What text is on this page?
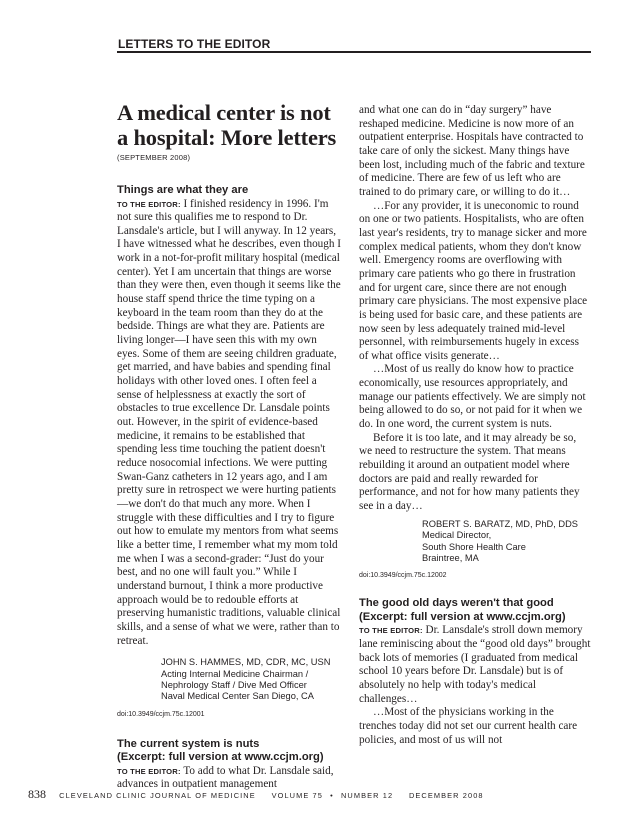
LETTERS TO THE EDITOR
A medical center is not
a hospital: More letters
(SEPTEMBER 2008)
Things are what they are

TO THE EDITOR: I finished residency in 1996. I'm not sure this qualifies me to respond to Dr. Lansdale's article, but I will anyway. In 12 years, I have witnessed what he describes, even though I work in a not-for-profit military hospital (medical center). Yet I am uncertain that things are worse than they were then, even though it seems like the house staff spend thrice the time typing on a keyboard in the team room than they do at the bedside. Things are what they are. Patients are living longer—I have seen this with my own eyes. Some of them are seeing children graduate, get married, and have babies and spending final holidays with other loved ones. I often feel a sense of helplessness at exactly the sort of obstacles to true excellence Dr. Lansdale points out. However, in the spirit of evidence-based medicine, it remains to be established that spending less time touching the patient doesn't reduce nosocomial infections. We were putting Swan-Ganz catheters in 12 years ago, and I am pretty sure in retrospect we were hurting patients—we don't do that much any more. When I struggle with these difficulties and I try to figure out how to emulate my mentors from what seems like a better time, I remember what my mom told me when I was a second-grader: “Just do your best, and no one will fault you.” While I understand burnout, I think a more productive approach would be to redouble efforts at preserving humanistic traditions, valuable clinical skills, and a sense of what we were, rather than to retreat.

JOHN S. HAMMES, MD, CDR, MC, USN
Acting Internal Medicine Chairman /
Nephrology Staff / Dive Med Officer
Naval Medical Center San Diego, CA

doi:10.3949/ccjm.75c.12001

The current system is nuts
(Excerpt: full version at www.ccjm.org)

TO THE EDITOR: To add to what Dr. Lansdale said, advances in outpatient management

and what one can do in “day surgery” have reshaped medicine. Medicine is now more of an outpatient enterprise. Hospitals have contracted to take care of only the sickest. Many things have been lost, including much of the fabric and texture of medicine. There are few of us left who are trained to do primary care, or willing to do it…

…For any provider, it is uneconomic to round on one or two patients. Hospitalists, who are often last year's residents, try to manage sicker and more complex medical patients, whom they don't know well. Emergency rooms are overflowing with primary care patients who go there in frustration and for urgent care, since there are not enough primary care physicians. The most expensive place is being used for basic care, and these patients are now seen by less adequately trained mid-level personnel, with reimbursements hugely in excess of what office visits generate…

…Most of us really do know how to practice economically, use resources appropriately, and manage our patients effectively. We are simply not being allowed to do so, or not paid for it when we do. In one word, the current system is nuts.

Before it is too late, and it may already be so, we need to restructure the system. That means rebuilding it around an outpatient model where doctors are paid and really rewarded for performance, and not for how many patients they see in a day…

ROBERT S. BARATZ, MD, PhD, DDS
Medical Director,
South Shore Health Care
Braintree, MA

doi:10.3949/ccjm.75c.12002

The good old days weren't that good
(Excerpt: full version at www.ccjm.org)

TO THE EDITOR: Dr. Lansdale's stroll down memory lane reminiscing about the “good old days” brought back lots of memories (I graduated from medical school 10 years before Dr. Lansdale) but is of absolutely no help with today's medical challenges…

…Most of the physicians working in the trenches today did not set our current health care policies, and most of us will not

838 CLEVELAND CLINIC JOURNAL OF MEDICINE VOLUME 75 • NUMBER 12 DECEMBER 2008
